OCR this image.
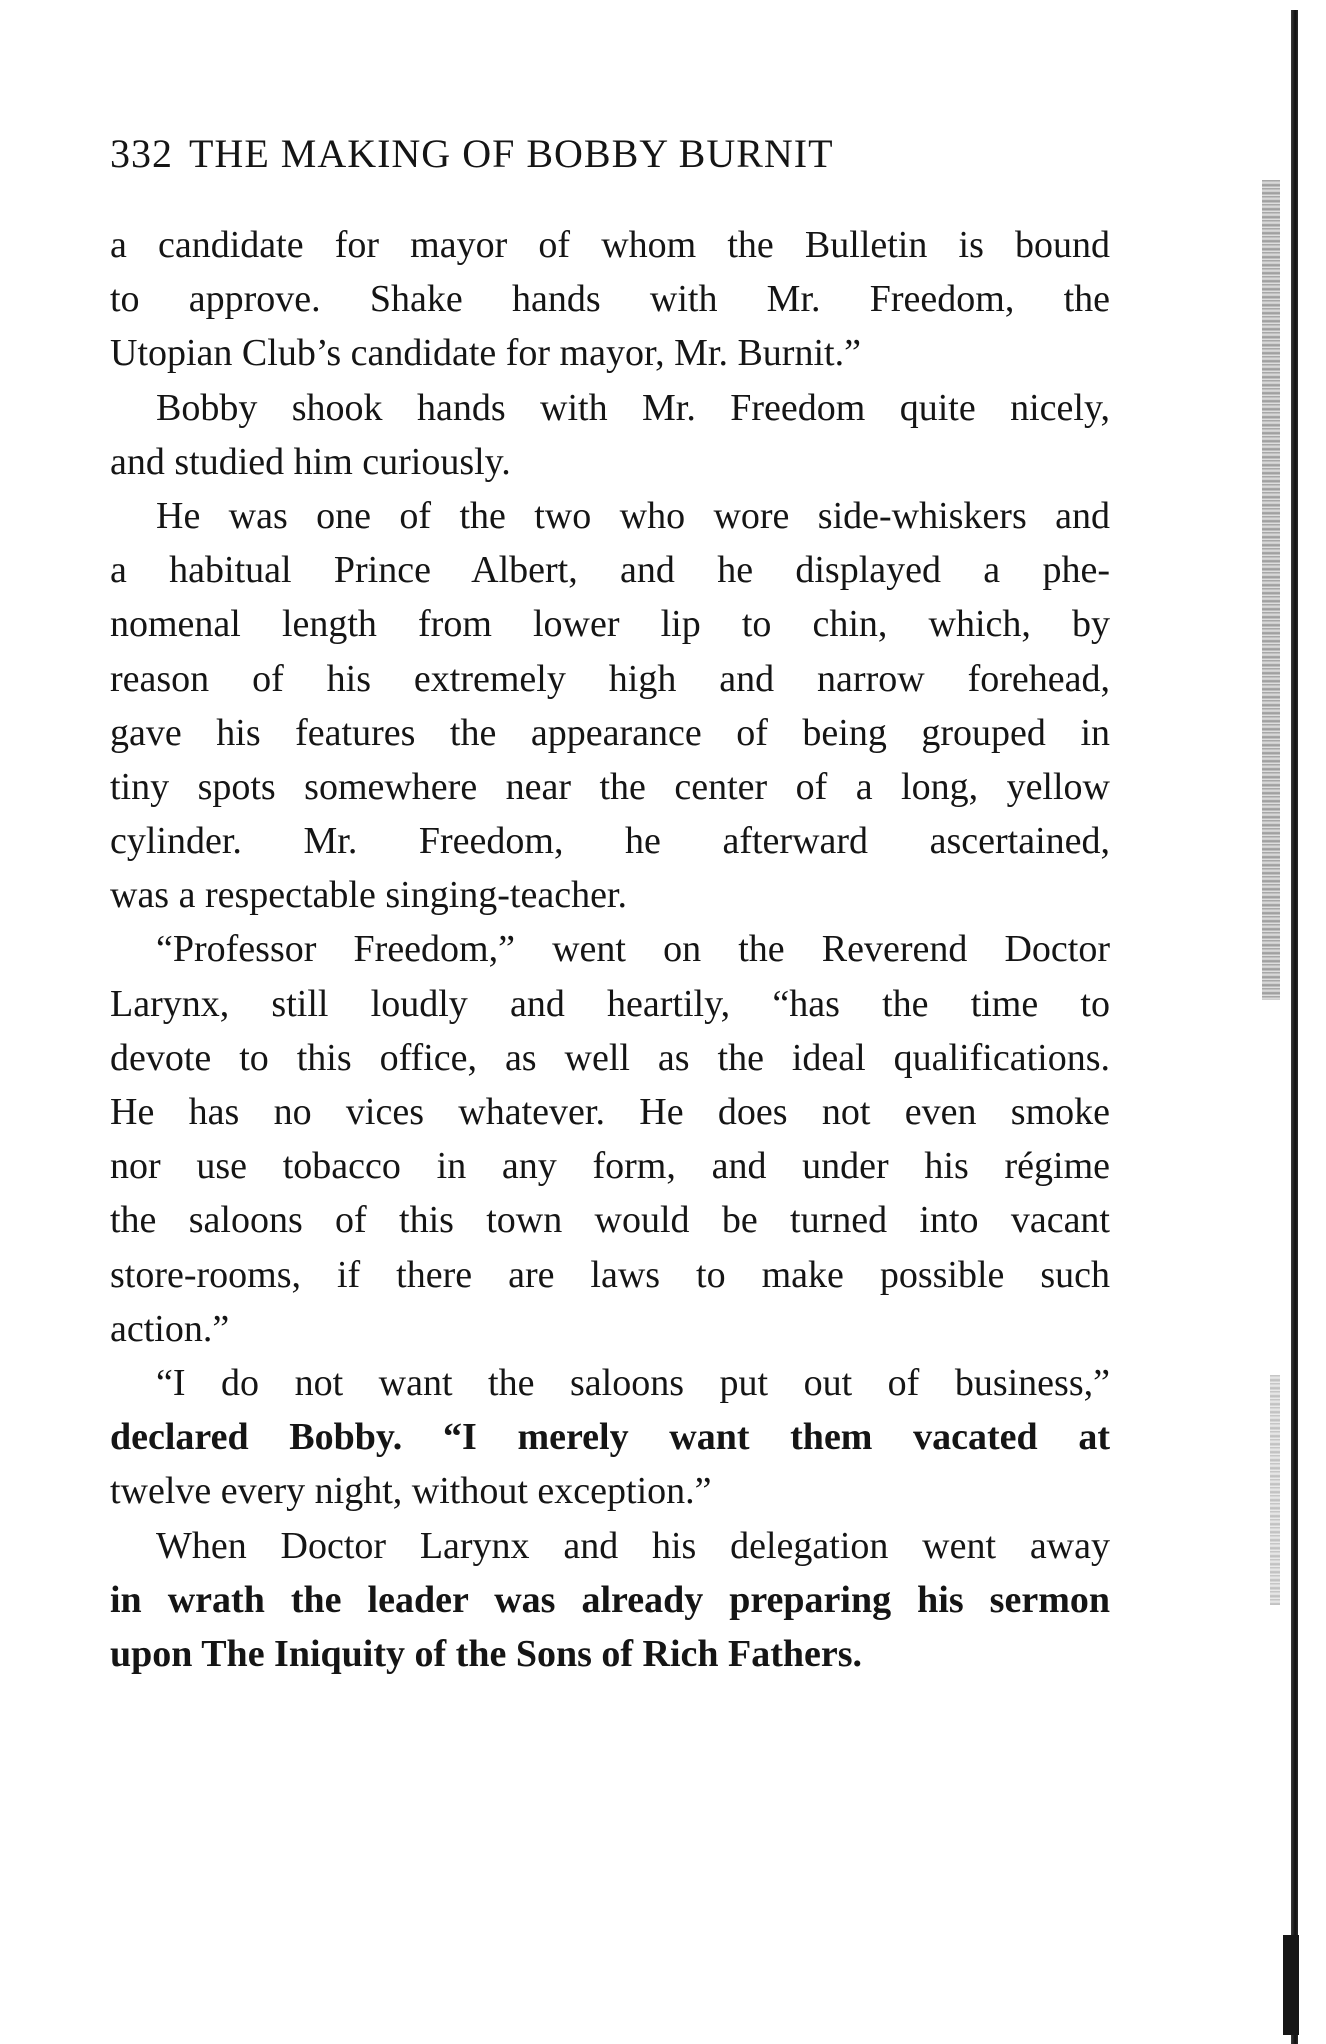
332 THE MAKING OF BOBBY BURNIT
a candidate for mayor of whom the Bulletin is bound
to approve. Shake hands with Mr. Freedom, the
Utopian Club’s candidate for mayor, Mr. Burnit.”
Bobby shook hands with Mr. Freedom quite nicely,
and studied him curiously.
He was one of the two who wore side-whiskers and
a habitual Prince Albert, and he displayed a phe-
nomenal length from lower lip to chin, which, by
reason of his extremely high and narrow forehead,
gave his features the appearance of being grouped in
tiny spots somewhere near the center of a long, yellow
cylinder. Mr. Freedom, he afterward ascertained,
was a respectable singing-teacher.
“Professor Freedom,” went on the Reverend Doctor
Larynx, still loudly and heartily, “has the time to
devote to this office, as well as the ideal qualifications.
He has no vices whatever. He does not even smoke
nor use tobacco in any form, and under his régime
the saloons of this town would be turned into vacant
store-rooms, if there are laws to make possible such
action.”
“I do not want the saloons put out of business,”
declared Bobby. “I merely want them vacated at
twelve every night, without exception.”
When Doctor Larynx and his delegation went away
in wrath the leader was already preparing his sermon
upon The Iniquity of the Sons of Rich Fathers.
